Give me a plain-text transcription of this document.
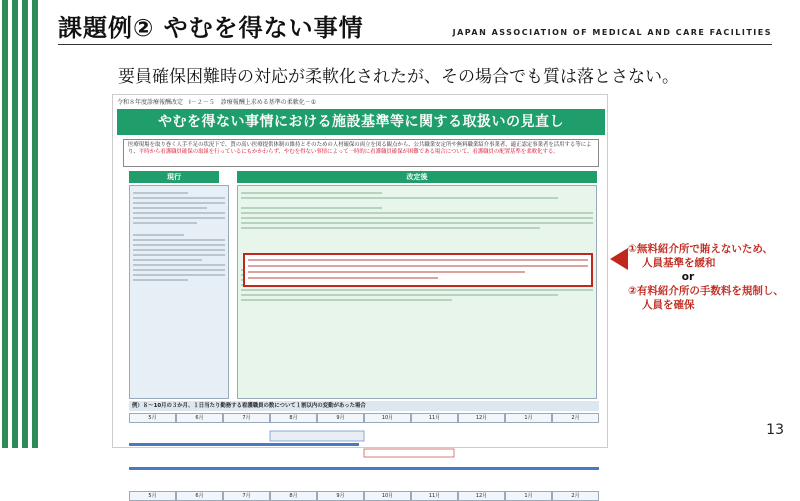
課題例② やむを得ない事情	JAPAN ASSOCIATION OF MEDICAL AND CARE FACILITIES
要員確保困難時の対応が柔軟化されたが、その場合でも質は落とさない。
令和８年度診療報酬改定　Ⅰ－２－５　診療報酬上求める基準の柔軟化－①
やむを得ない事情における施設基準等に関する取扱いの見直し
医療現場を取り巻く人手不足の状況下で、質の高い医療提供体制の維持とそのための人材確保の両立を図る観点から、公共職業安定所や無料職業紹介事業者、適正認定事業者を活用する等により、平時から看護職員確保の取組を行っているにもかかわらず、やむを得ない事情によって一時的に看護職員確保が困難である場合について、看護職員の配置基準を柔軟化する。
現行	改定後
例）８～10月の３か月、１日当たり勤務する看護職員の数について１割以内の変動があった場合
5月	6月	7月	8月	9月	10月	11月	12月	1月	2月
5月	6月	7月	8月	9月	10月	11月	12月	1月	2月
①無料紹介所で賄えないため、

人員基準を緩和
or
②有料紹介所の手数料を規制し、

人員を確保
13
